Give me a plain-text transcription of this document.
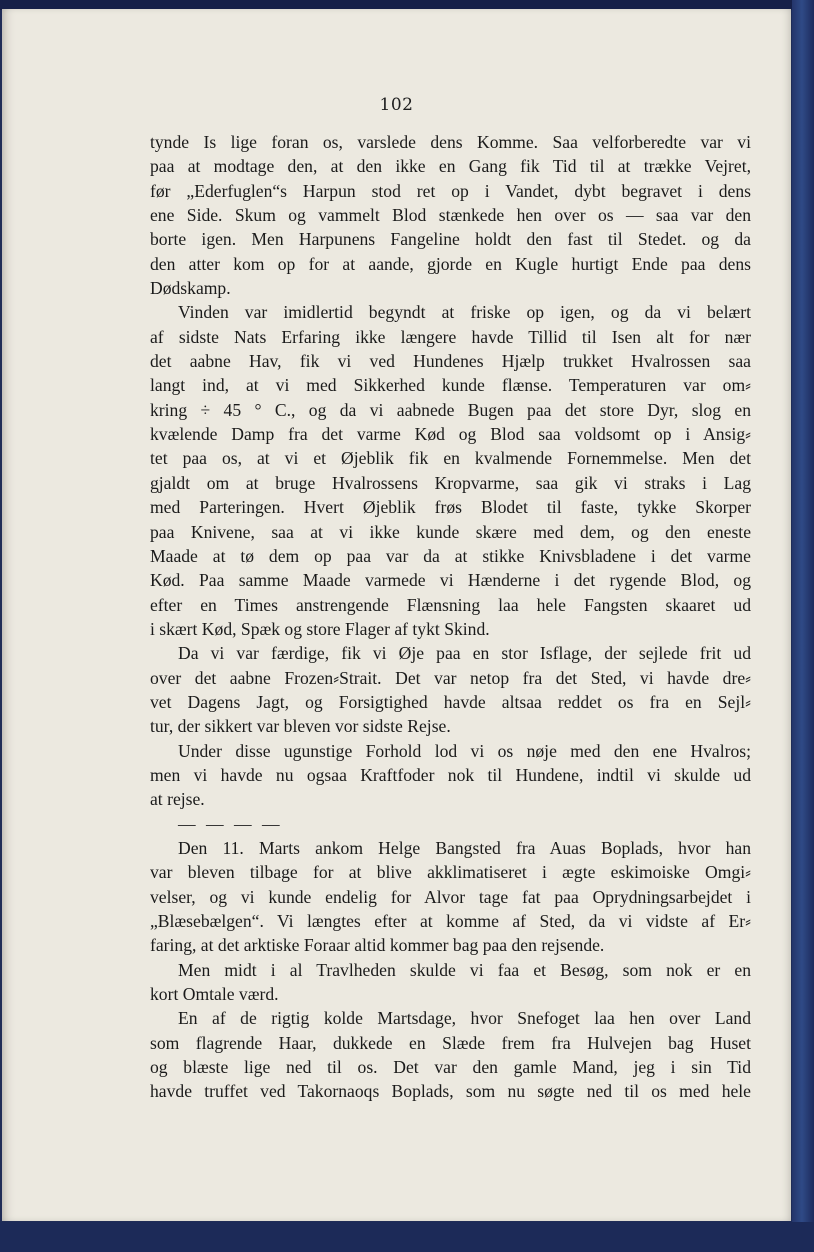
102
tynde Is lige foran os, varslede dens Komme. Saa velforberedte var vi
paa at modtage den, at den ikke en Gang fik Tid til at trække Vejret,
før „Ederfuglen“s Harpun stod ret op i Vandet, dybt begravet i dens
ene Side. Skum og vammelt Blod stænkede hen over os — saa var den
borte igen. Men Harpunens Fangeline holdt den fast til Stedet. og da
den atter kom op for at aande, gjorde en Kugle hurtigt Ende paa dens
Dødskamp.
Vinden var imidlertid begyndt at friske op igen, og da vi belært
af sidste Nats Erfaring ikke længere havde Tillid til Isen alt for nær
det aabne Hav, fik vi ved Hundenes Hjælp trukket Hvalrossen saa
langt ind, at vi med Sikkerhed kunde flænse. Temperaturen var om⸗
kring ÷ 45 ° C., og da vi aabnede Bugen paa det store Dyr, slog en
kvælende Damp fra det varme Kød og Blod saa voldsomt op i Ansig⸗
tet paa os, at vi et Øjeblik fik en kvalmende Fornemmelse. Men det
gjaldt om at bruge Hvalrossens Kropvarme, saa gik vi straks i Lag
med Parteringen. Hvert Øjeblik frøs Blodet til faste, tykke Skorper
paa Knivene, saa at vi ikke kunde skære med dem, og den eneste
Maade at tø dem op paa var da at stikke Knivsbladene i det varme
Kød. Paa samme Maade varmede vi Hænderne i det rygende Blod, og
efter en Times anstrengende Flænsning laa hele Fangsten skaaret ud
i skært Kød, Spæk og store Flager af tykt Skind.
Da vi var færdige, fik vi Øje paa en stor Isflage, der sejlede frit ud
over det aabne Frozen⸗Strait. Det var netop fra det Sted, vi havde dre⸗
vet Dagens Jagt, og Forsigtighed havde altsaa reddet os fra en Sejl⸗
tur, der sikkert var bleven vor sidste Rejse.
Under disse ugunstige Forhold lod vi os nøje med den ene Hvalros;
men vi havde nu ogsaa Kraftfoder nok til Hundene, indtil vi skulde ud
at rejse.
— — — —
Den 11. Marts ankom Helge Bangsted fra Auas Boplads, hvor han
var bleven tilbage for at blive akklimatiseret i ægte eskimoiske Omgi⸗
velser, og vi kunde endelig for Alvor tage fat paa Oprydningsarbejdet i
„Blæsebælgen“. Vi længtes efter at komme af Sted, da vi vidste af Er⸗
faring, at det arktiske Foraar altid kommer bag paa den rejsende.
Men midt i al Travlheden skulde vi faa et Besøg, som nok er en
kort Omtale værd.
En af de rigtig kolde Martsdage, hvor Snefoget laa hen over Land
som flagrende Haar, dukkede en Slæde frem fra Hulvejen bag Huset
og blæste lige ned til os. Det var den gamle Mand, jeg i sin Tid
havde truffet ved Takornaoqs Boplads, som nu søgte ned til os med hele
